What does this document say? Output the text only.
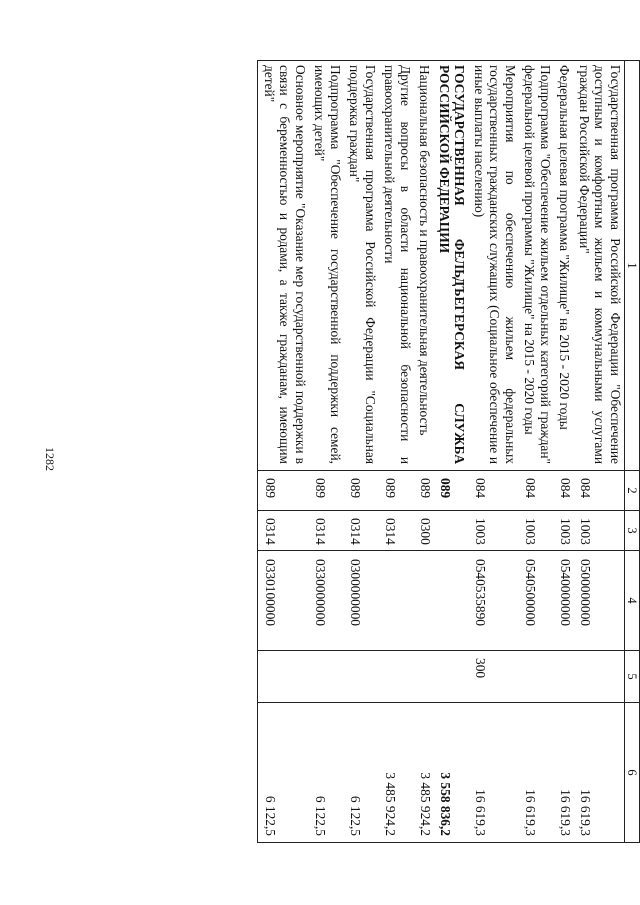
1282
1	2	3	4	5	6
Государственная программа Российской Федерации "Обеспечение доступным и комфортным жильем и коммунальными услугами граждан Российской Федерации"	084	1003	0500000000		16 619,3
Федеральная целевая программа "Жилище" на 2015 - 2020 годы	084	1003	0540000000		16 619,3
Подпрограмма "Обеспечение жильем отдельных категорий граждан" федеральной целевой программы "Жилище" на 2015 - 2020 годы	084	1003	0540500000		16 619,3
Мероприятия по обеспечению жильем федеральных государственных гражданских служащих (Социальное обеспечение и иные выплаты населению)	084	1003	0540535890	300	16 619,3
ГОСУДАРСТВЕННАЯ ФЕЛЬДЪЕГЕРСКАЯ СЛУЖБА РОССИЙСКОЙ ФЕДЕРАЦИИ	089				3 558 836,2
Национальная безопасность и правоохранительная деятельность	089	0300			3 485 924,2
Другие вопросы в области национальной безопасности и правоохранительной деятельности	089	0314			3 485 924,2
Государственная программа Российской Федерации "Социальная поддержка граждан"	089	0314	0300000000		6 122,5
Подпрограмма "Обеспечение государственной поддержки семей, имеющих детей"	089	0314	0330000000		6 122,5
Основное мероприятие "Оказание мер государственной поддержки в связи с беременностью и родами, а также гражданам, имеющим детей"	089	0314	0330100000		6 122,5
